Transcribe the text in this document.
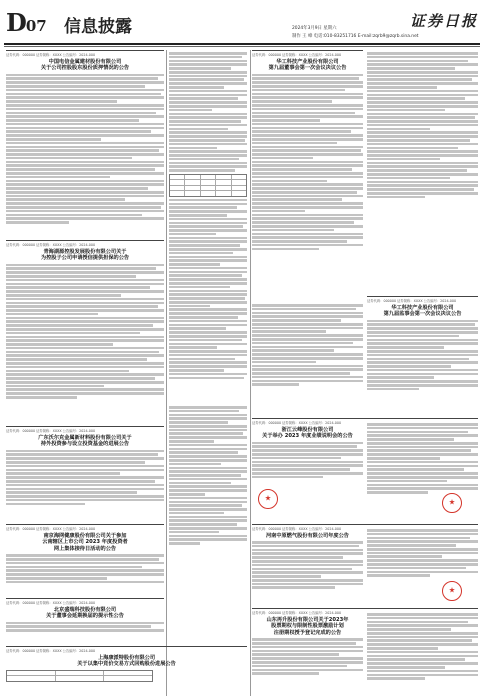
D07 信息披露	2024年3月9日 星期六
制作 王 峰 电话:010-83251716 E-mail:zqrb9@zqrb.sina.net
证券日报
证券代码：000000 证券简称：XXXX 公告编号：2024-000
中国电信金属建材股份有限公司
关于公司控股股东股份质押情况的公告
证券代码：000000 证券简称：XXXX 公告编号：2024-000
青海湖源控股发展股份有限公司关于
为控股子公司申请授信提供担保的公告
证券代码：000000 证券简称：XXXX 公告编号：2024-000
广东沃尔克金属新材料股份有限公司关于
持外投资参与设立投资基金的进展公告
证券代码：000000 证券简称：XXXX 公告编号：2024-000
南京海网健康股份有限公司关于参加
云南辖区上市公司 2023 年度投资者
网上集体接待日活动的公告
证券代码：000000 证券简称：XXXX 公告编号：2024-000
北京盛瑞科技股份有限公司
关于董事会延期换届的提示性公告
证券代码：000000 证券简称：XXXX 公告编号：2024-000
上海康派特股份有限公司
关于以集中竞价交易方式回购股份进展公告
证券代码：000000 证券简称：XXXX 公告编号：2024-000
华工科技产业股份有限公司
第九届董事会第一次会议决议公告
证券代码：000000 证券简称：XXXX 公告编号：2024-000
华工科技产业股份有限公司
第九届监事会第一次会议决议公告
证券代码：000000 证券简称：XXXX 公告编号：2024-000
浙江云峰股份有限公司
关于举办 2023 年度业绩说明会的公告
证券代码：000000 证券简称：XXXX 公告编号：2024-000
河南中原燃气股份有限公司年度公告
证券代码：000000 证券简称：XXXX 公告编号：2024-000
山东再升股份有限公司关于2023年
股票期权与限制性股票激励计划
注册期权授予登记完成的公告
